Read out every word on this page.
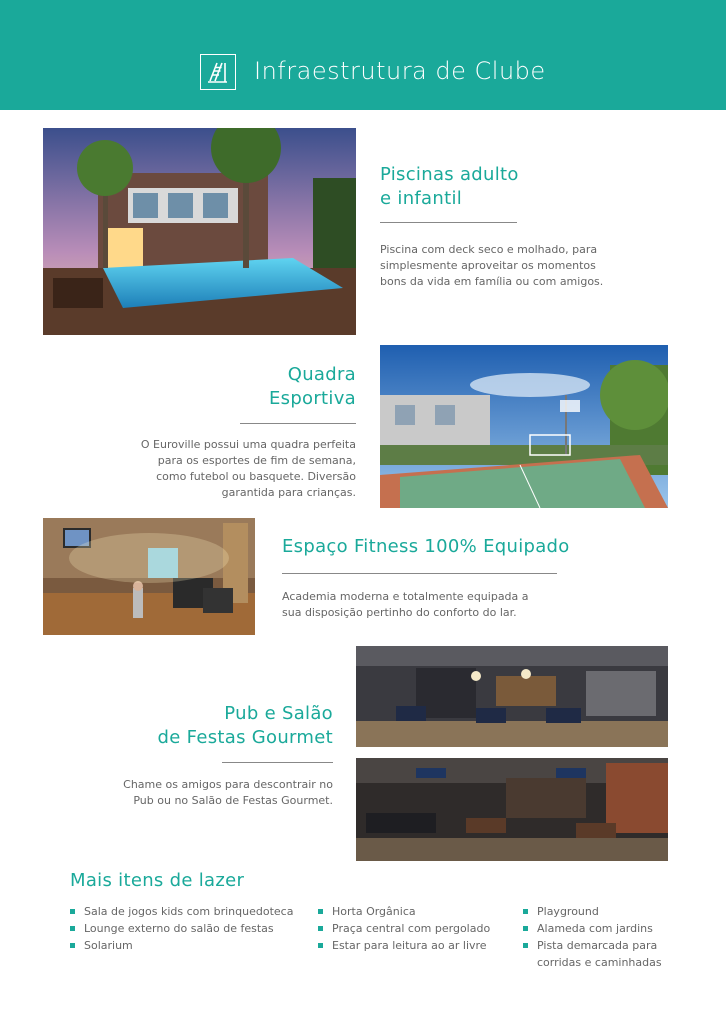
Infraestrutura de Clube
Piscinas adulto
e infantil
Piscina com deck seco e molhado, para
simplesmente aproveitar os momentos
bons da vida em família ou com amigos.
Quadra
Esportiva
O Euroville possui uma quadra perfeita
para os esportes de fim de semana,
como futebol ou basquete. Diversão
garantida para crianças.
Espaço Fitness 100% Equipado
Academia moderna e totalmente equipada a
sua disposição pertinho do conforto do lar.
Pub e Salão
de Festas Gourmet
Chame os amigos para descontrair no
Pub ou no Salão de Festas Gourmet.
Mais itens de lazer
Sala de jogos kids com brinquedoteca
Lounge externo do salão de festas
Solarium
Horta Orgânica
Praça central com pergolado
Estar para leitura ao ar livre
Playground
Alameda com jardins
Pista demarcada para
corridas e caminhadas
